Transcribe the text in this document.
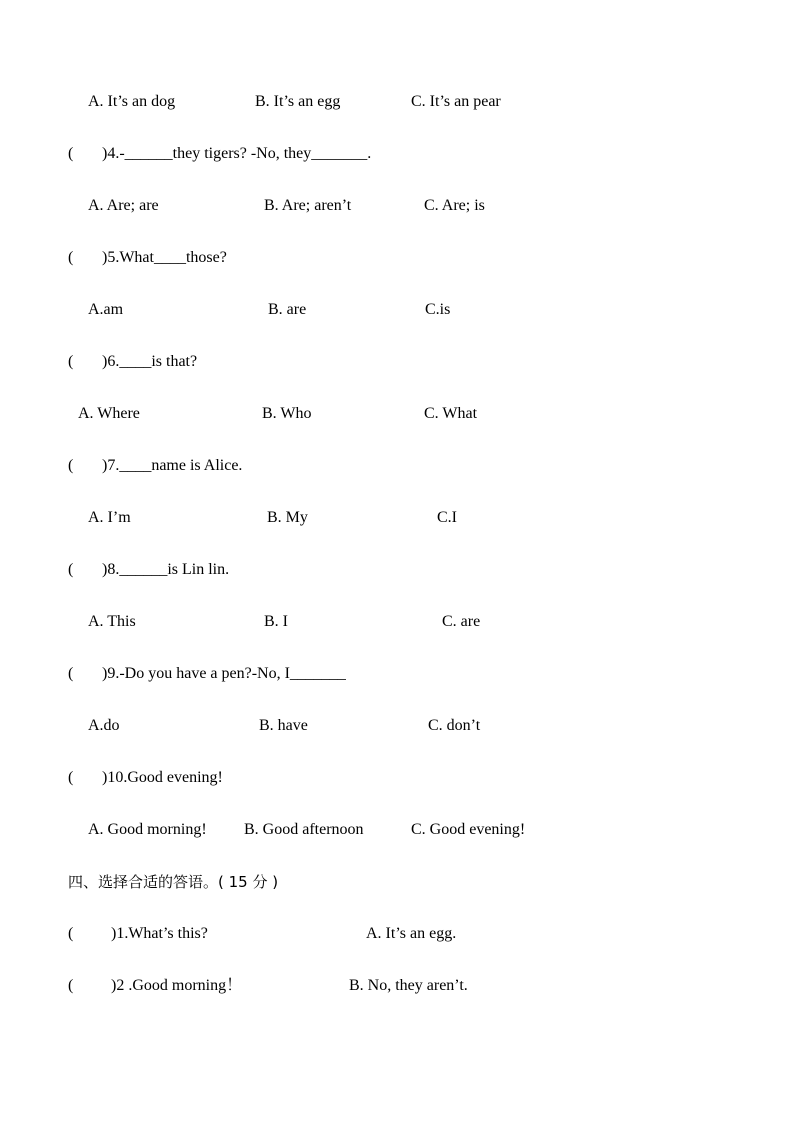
A. It’s an dog	B. It’s an egg	C. It’s an pear
( )4.-______they tigers? -No, they_______.
A. Are; are	B. Are; aren’t	C. Are; is
( )5.What____those?
A.am	B. are	C.is
( )6.____is that?
A. Where	B. Who	C. What
( )7.____name is Alice.
A. I’m	B. My	C.I
( )8.______is Lin lin.
A. This	B. I	C. are
( )9.-Do you have a pen?-No, I_______
A.do	B. have	C. don’t
( )10.Good evening!
A. Good morning! B. Good afternoon	C. Good evening!
四、选择合适的答语。( 15 分 )
( )1.What’s this?	A. It’s an egg.
( )2 .Good morning！	B. No, they aren’t.
